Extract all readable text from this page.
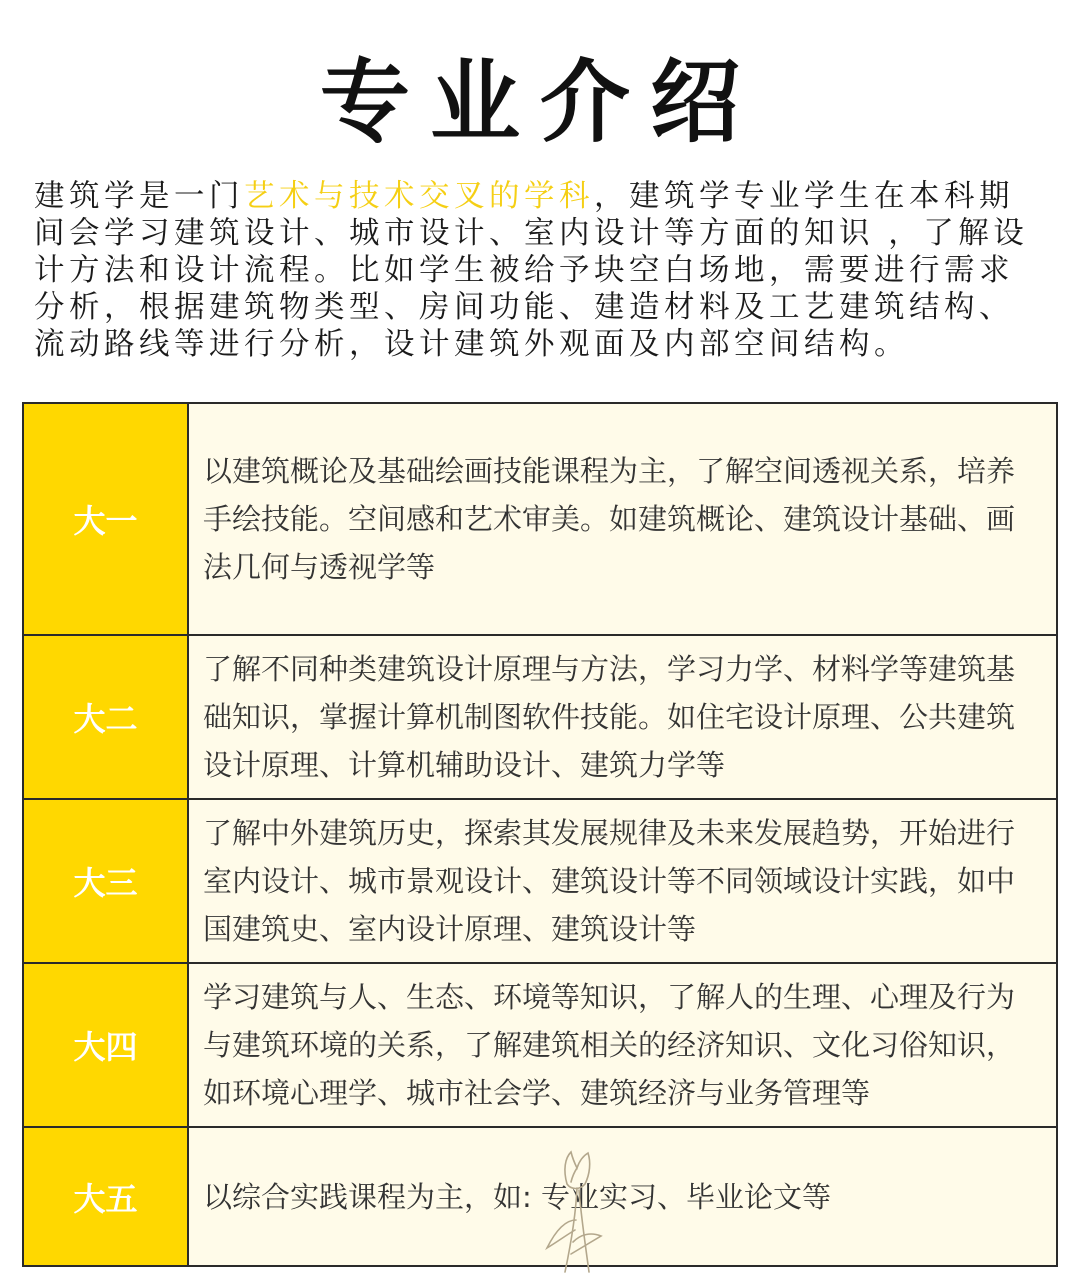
专业介绍

建筑学是一门艺术与技术交叉的学科，建筑学专业学生在本科期间会学习建筑设计、城市设计、室内设计等方面的知识 ，了解设计方法和设计流程。比如学生被给予块空白场地，需要进行需求分析，根据建筑物类型、房间功能、建造材料及工艺建筑结构、流动路线等进行分析，设计建筑外观面及内部空间结构。

大一
以建筑概论及基础绘画技能课程为主，了解空间透视关系，培养手绘技能。空间感和艺术审美。如建筑概论、建筑设计基础、画法几何与透视学等
大二
了解不同种类建筑设计原理与方法，学习力学、材料学等建筑基础知识，掌握计算机制图软件技能。如住宅设计原理、公共建筑设计原理、计算机辅助设计、建筑力学等
大三
了解中外建筑历史，探索其发展规律及未来发展趋势，开始进行室内设计、城市景观设计、建筑设计等不同领域设计实践，如中国建筑史、室内设计原理、建筑设计等
大四
学习建筑与人、生态、环境等知识，了解人的生理、心理及行为与建筑环境的关系，了解建筑相关的经济知识、文化习俗知识，如环境心理学、城市社会学、建筑经济与业务管理等
大五	以综合实践课程为主，如: 专业实习、毕业论文等
